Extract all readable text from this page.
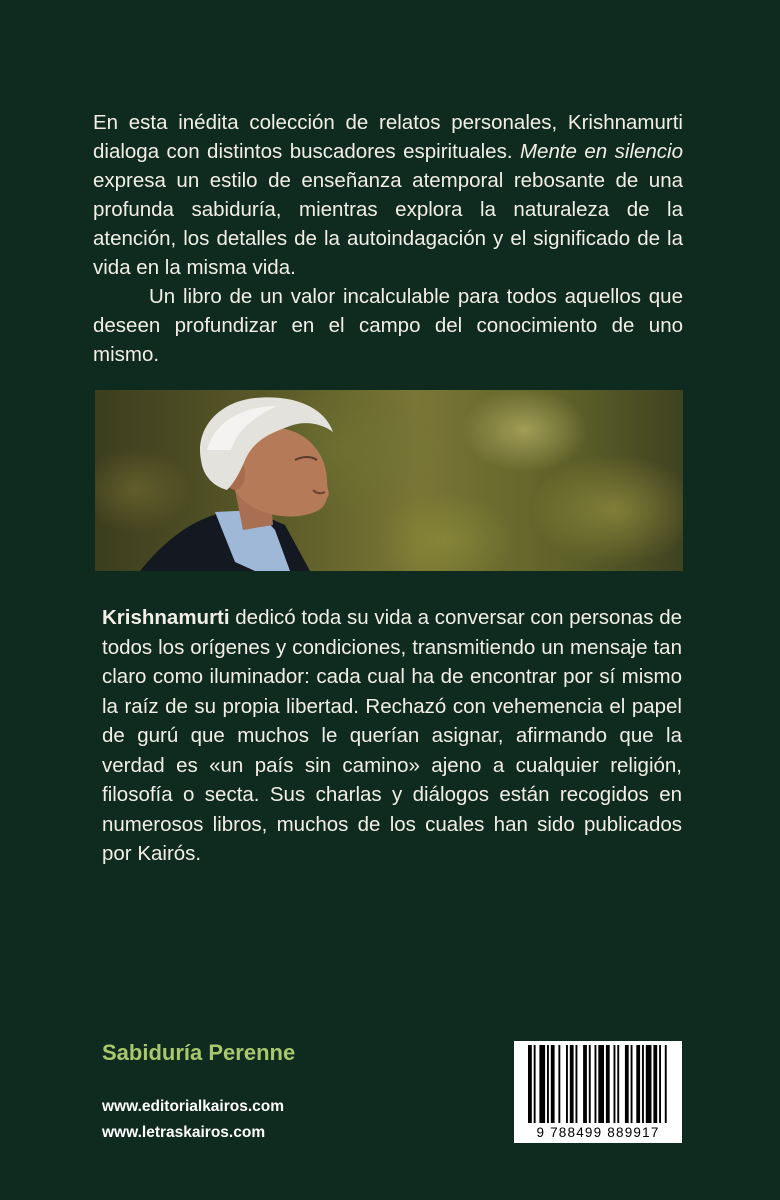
En esta inédita colección de relatos personales, Krishnamurti dialoga con distintos buscadores espirituales. Mente en silencio expresa un estilo de enseñanza atemporal rebosante de una profunda sabiduría, mientras explora la naturaleza de la atención, los detalles de la autoindagación y el significado de la vida en la misma vida.

Un libro de un valor incalculable para todos aquellos que deseen profundizar en el campo del conocimiento de uno mismo.

Krishnamurti dedicó toda su vida a conversar con personas de todos los orígenes y condiciones, transmitiendo un mensaje tan claro como iluminador: cada cual ha de encontrar por sí mismo la raíz de su propia libertad. Rechazó con vehemencia el papel de gurú que muchos le querían asignar, afirmando que la verdad es «un país sin camino» ajeno a cualquier religión, filosofía o secta. Sus charlas y diálogos están recogidos en numerosos libros, muchos de los cuales han sido publicados por Kairós.

Sabiduría Perenne
www.editorialkairos.com
www.letraskairos.com	9 788499 889917
